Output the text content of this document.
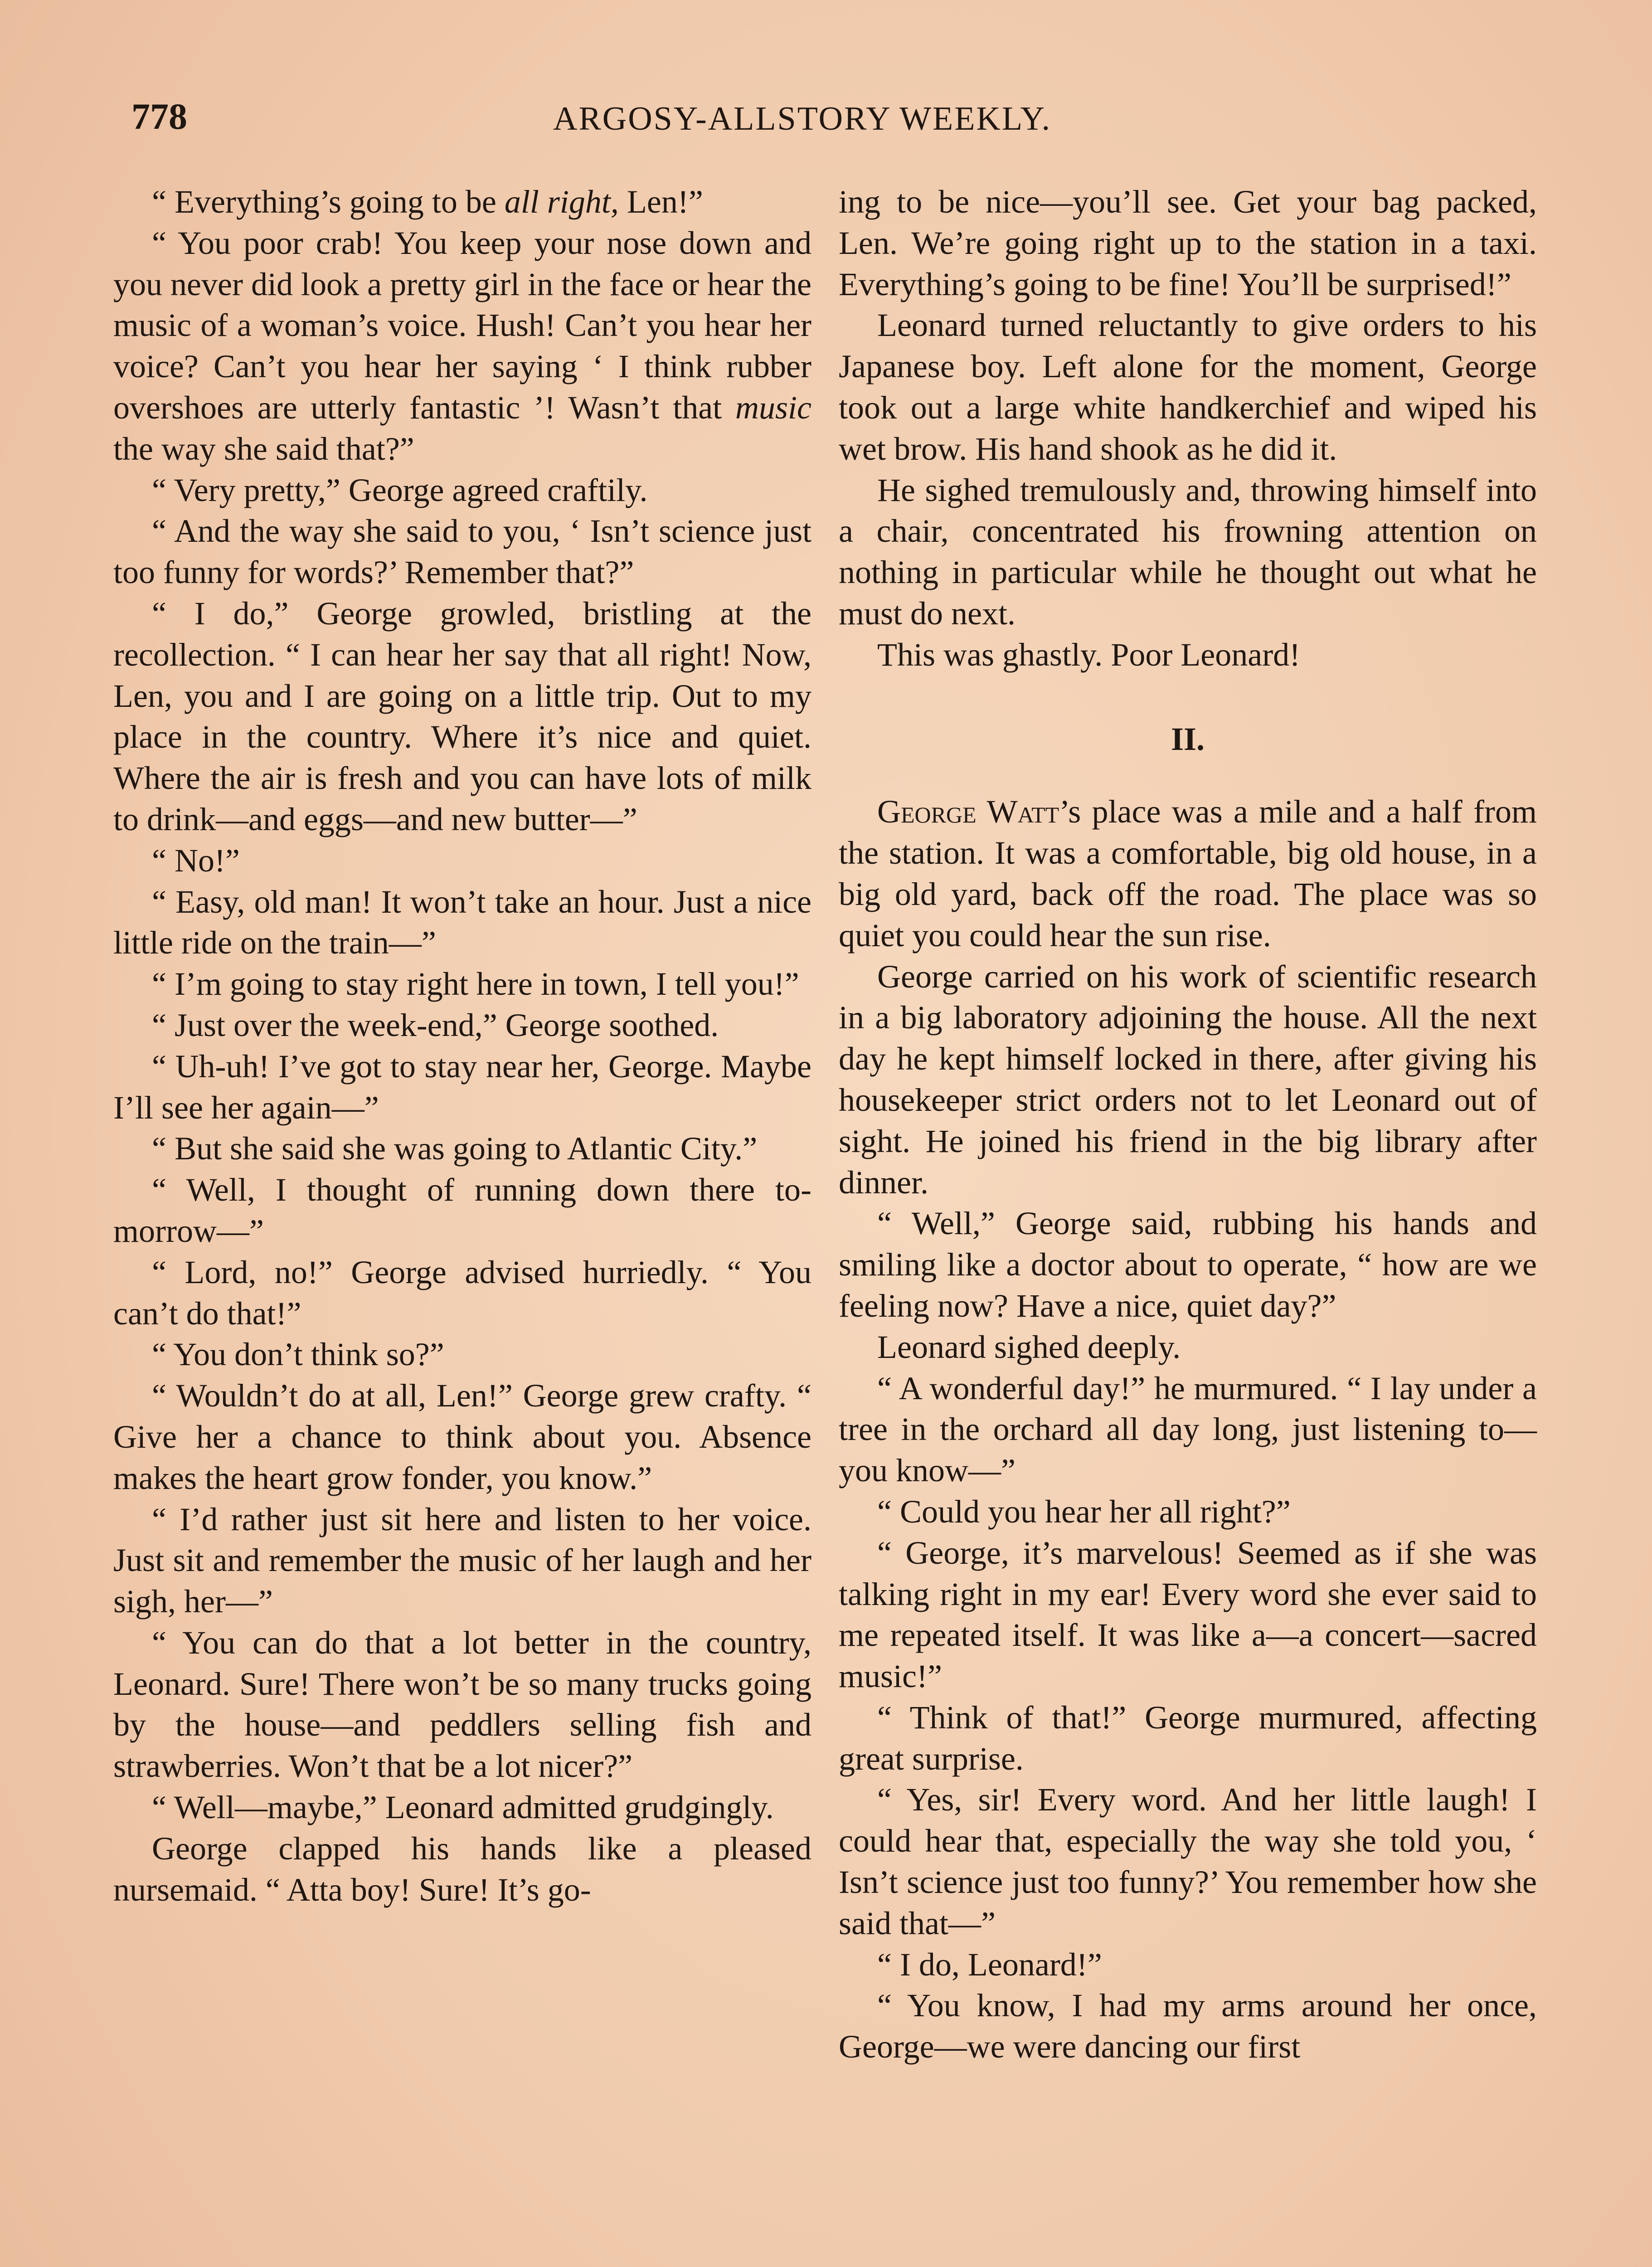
778	ARGOSY-ALLSTORY WEEKLY.

“ Everything’s going to be all right, Len!”

“ You poor crab! You keep your nose down and you never did look a pretty girl in the face or hear the music of a woman’s voice. Hush! Can’t you hear her voice? Can’t you hear her saying ‘ I think rubber overshoes are utterly fantastic ’! Wasn’t that music the way she said that?”

“ Very pretty,” George agreed craftily.

“ And the way she said to you, ‘ Isn’t science just too funny for words?’ Remember that?”

“ I do,” George growled, bristling at the recollection. “ I can hear her say that all right! Now, Len, you and I are going on a little trip. Out to my place in the country. Where it’s nice and quiet. Where the air is fresh and you can have lots of milk to drink—and eggs—and new butter—”

“ No!”

“ Easy, old man! It won’t take an hour. Just a nice little ride on the train—”

“ I’m going to stay right here in town, I tell you!”

“ Just over the week-end,” George soothed.

“ Uh-uh! I’ve got to stay near her, George. Maybe I’ll see her again—”

“ But she said she was going to Atlantic City.”

“ Well, I thought of running down there to-morrow—”

“ Lord, no!” George advised hurriedly. “ You can’t do that!”

“ You don’t think so?”

“ Wouldn’t do at all, Len!” George grew crafty. “ Give her a chance to think about you. Absence makes the heart grow fonder, you know.”

“ I’d rather just sit here and listen to her voice. Just sit and remember the music of her laugh and her sigh, her—”

“ You can do that a lot better in the country, Leonard. Sure! There won’t be so many trucks going by the house—and peddlers selling fish and strawberries. Won’t that be a lot nicer?”

“ Well—maybe,” Leonard admitted grudgingly.

George clapped his hands like a pleased nursemaid. “ Atta boy! Sure! It’s go-

ing to be nice—you’ll see. Get your bag packed, Len. We’re going right up to the station in a taxi. Everything’s going to be fine! You’ll be surprised!”

Leonard turned reluctantly to give orders to his Japanese boy. Left alone for the moment, George took out a large white handkerchief and wiped his wet brow. His hand shook as he did it.

He sighed tremulously and, throwing himself into a chair, concentrated his frowning attention on nothing in particular while he thought out what he must do next.

This was ghastly. Poor Leonard!

II.

George Watt’s place was a mile and a half from the station. It was a comfortable, big old house, in a big old yard, back off the road. The place was so quiet you could hear the sun rise.

George carried on his work of scientific research in a big laboratory adjoining the house. All the next day he kept himself locked in there, after giving his housekeeper strict orders not to let Leonard out of sight. He joined his friend in the big library after dinner.

“ Well,” George said, rubbing his hands and smiling like a doctor about to operate, “ how are we feeling now? Have a nice, quiet day?”

Leonard sighed deeply.

“ A wonderful day!” he murmured. “ I lay under a tree in the orchard all day long, just listening to—you know—”

“ Could you hear her all right?”

“ George, it’s marvelous! Seemed as if she was talking right in my ear! Every word she ever said to me repeated itself. It was like a—a concert—sacred music!”

“ Think of that!” George murmured, affecting great surprise.

“ Yes, sir! Every word. And her little laugh! I could hear that, especially the way she told you, ‘ Isn’t science just too funny?’ You remember how she said that—”

“ I do, Leonard!”

“ You know, I had my arms around her once, George—we were dancing our first
